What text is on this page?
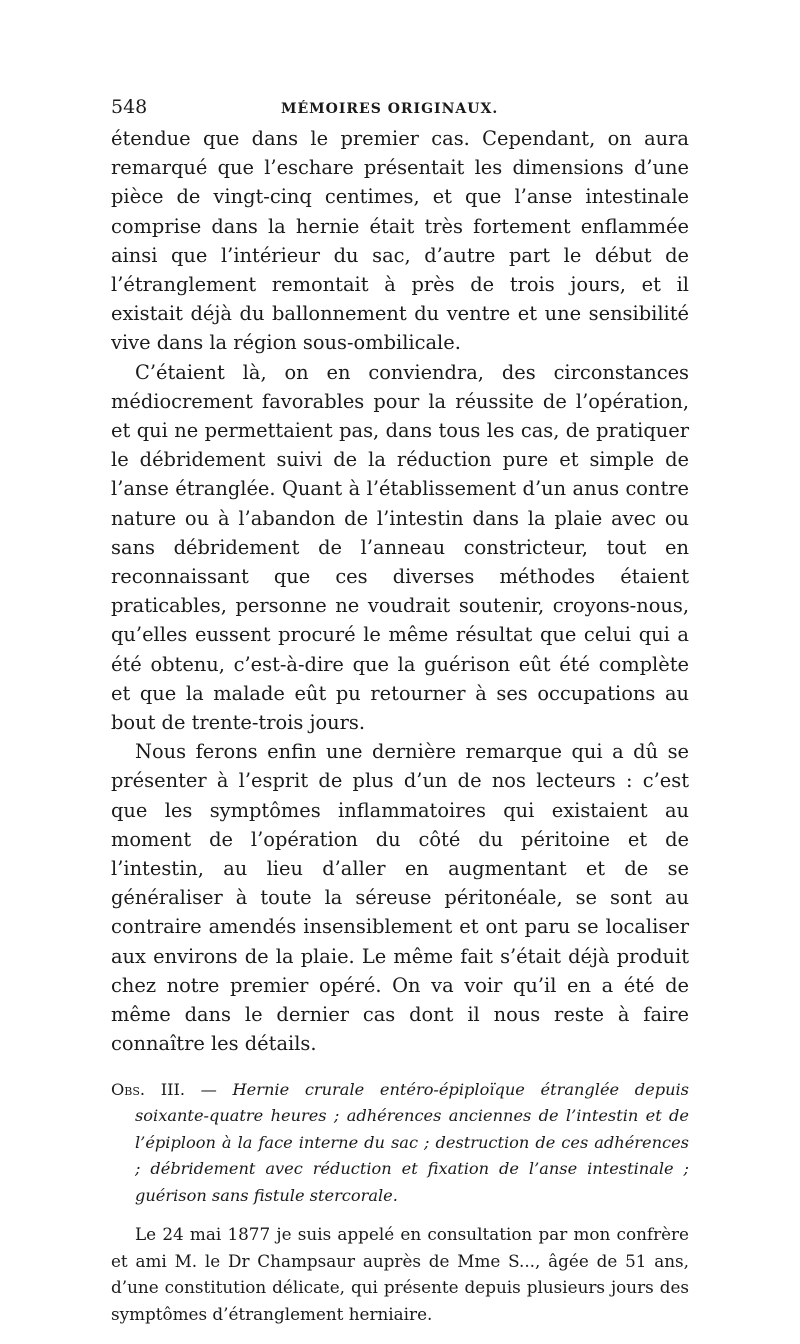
548	MÉMOIRES ORIGINAUX.

étendue que dans le premier cas. Cependant, on aura remarqué que l’eschare présentait les dimensions d’une pièce de vingt-cinq centimes, et que l’anse intestinale comprise dans la hernie était très fortement enflammée ainsi que l’intérieur du sac, d’autre part le début de l’étranglement remontait à près de trois jours, et il existait déjà du ballonnement du ventre et une sensibilité vive dans la région sous-ombilicale.

C’étaient là, on en conviendra, des circonstances médiocrement favorables pour la réussite de l’opération, et qui ne permettaient pas, dans tous les cas, de pratiquer le débridement suivi de la réduction pure et simple de l’anse étranglée. Quant à l’établissement d’un anus contre nature ou à l’abandon de l’intestin dans la plaie avec ou sans débridement de l’anneau constricteur, tout en reconnaissant que ces diverses méthodes étaient praticables, personne ne voudrait soutenir, croyons-nous, qu’elles eussent procuré le même résultat que celui qui a été obtenu, c’est-à-dire que la guérison eût été complète et que la malade eût pu retourner à ses occupations au bout de trente-trois jours.

Nous ferons enfin une dernière remarque qui a dû se présenter à l’esprit de plus d’un de nos lecteurs : c’est que les symptômes inflammatoires qui existaient au moment de l’opération du côté du péritoine et de l’intestin, au lieu d’aller en augmentant et de se généraliser à toute la séreuse péritonéale, se sont au contraire amendés insensiblement et ont paru se localiser aux environs de la plaie. Le même fait s’était déjà produit chez notre premier opéré. On va voir qu’il en a été de même dans le dernier cas dont il nous reste à faire connaître les détails.

Obs. III. — Hernie crurale entéro-épiploïque étranglée depuis soixante-quatre heures ; adhérences anciennes de l’intestin et de l’épiploon à la face interne du sac ; destruction de ces adhérences ; débridement avec réduction et fixation de l’anse intestinale ; guérison sans fistule stercorale.

Le 24 mai 1877 je suis appelé en consultation par mon confrère et ami M. le Dr Champsaur auprès de Mme S..., âgée de 51 ans, d’une constitution délicate, qui présente depuis plusieurs jours des symptômes d’étranglement herniaire.
